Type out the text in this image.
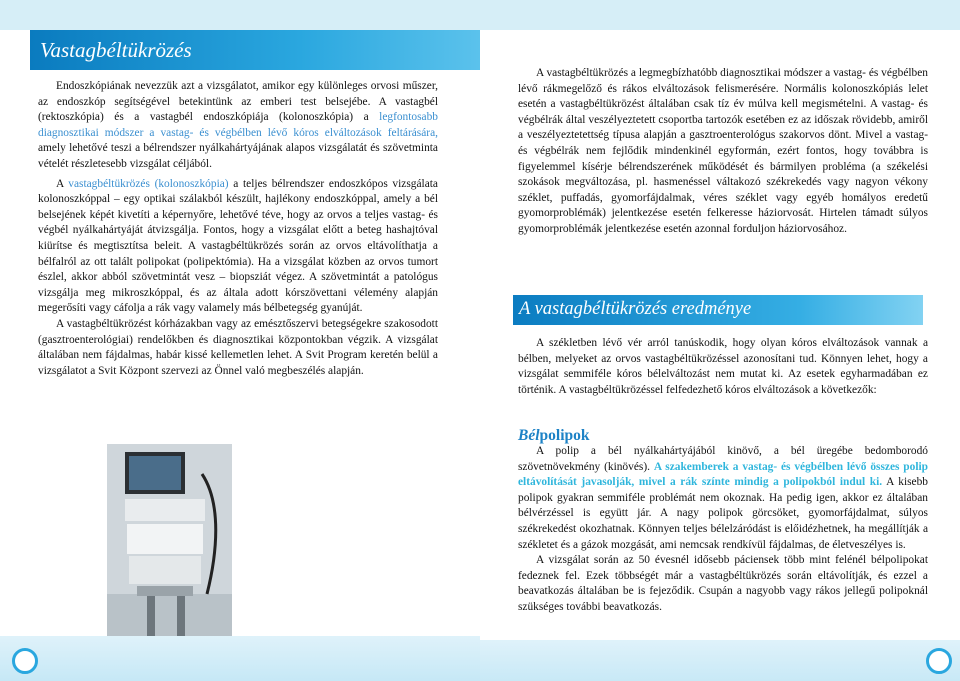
Vastagbéltükrözés

Endoszkópiának nevezzük azt a vizsgálatot, amikor egy különleges orvosi műszer, az endoszkóp segítségével betekintünk az emberi test belsejébe. A vastagbél (rektoszkópia) és a vastagbél endoszkópiája (kolonoszkópia) a legfontosabb diagnosztikai módszer a vastag- és végbélben lévő kóros elváltozások feltárására, amely lehetővé teszi a bélrendszer nyálkahártyájának alapos vizsgálatát és szövetminta vételét részletesebb vizsgálat céljából.

A vastagbéltükrözés (kolonoszkópia) a teljes bélrendszer endoszkópos vizsgálata kolonoszkóppal ‒ egy optikai szálakból készült, hajlékony endoszkóppal, amely a bél belsejének képét kivetíti a képernyőre, lehetővé téve, hogy az orvos a teljes vastag- és végbél nyálkahártyáját átvizsgálja. Fontos, hogy a vizsgálat előtt a beteg hashajtóval kiürítse és megtisztítsa beleit. A vastagbéltükrözés során az orvos eltávolíthatja a bélfalról az ott talált polipokat (polipektómia). Ha a vizsgálat közben az orvos tumort észlel, akkor abból szövetmintát vesz ‒ biopsziát végez. A szövetmintát a patológus vizsgálja meg mikroszkóppal, és az általa adott kórszövettani vélemény alapján megerősíti vagy cáfolja a rák vagy valamely más bélbetegség gyanúját.

A vastagbéltükrözést kórházakban vagy az emésztőszervi betegségekre szakosodott (gasztroenterológiai) rendelőkben és diagnosztikai központokban végzik. A vizsgálat általában nem fájdalmas, habár kissé kellemetlen lehet. A Svit Program keretén belül a vizsgálatot a Svit Központ szervezi az Önnel való megbeszélés alapján.

A vastagbéltükrözés a legmegbízhatóbb diagnosztikai módszer a vastag- és végbélben lévő rákmegelőző és rákos elváltozások felismerésére. Normális kolonoszkópiás lelet esetén a vastagbéltükrözést általában csak tíz év múlva kell megismételni. A vastag- és végbélrák által veszélyeztetett csoportba tartozók esetében ez az időszak rövidebb, amiről a veszélyeztetettség típusa alapján a gasztroenterológus szakorvos dönt. Mivel a vastag- és végbélrák nem fejlődik mindenkinél egyformán, ezért fontos, hogy továbbra is figyelemmel kísérje bélrendszerének működését és bármilyen probléma (a székelési szokások megváltozása, pl. hasmenéssel váltakozó székrekedés vagy nagyon vékony széklet, puffadás, gyomorfájdalmak, véres széklet vagy egyéb homályos eredetű gyomorproblémák) jelentkezése esetén felkeresse háziorvosát. Hirtelen támadt súlyos gyomorproblémák jelentkezése esetén azonnal forduljon háziorvosához.

A vastagbéltükrözés eredménye

A székletben lévő vér arról tanúskodik, hogy olyan kóros elváltozások vannak a bélben, melyeket az orvos vastagbéltükrözéssel azonosítani tud. Könnyen lehet, hogy a vizsgálat semmiféle kóros bélelváltozást nem mutat ki. Az esetek egyharmadában ez történik. A vastagbéltükrözéssel felfedezhető kóros elváltozások a következők:

Bélpolipok

A polip a bél nyálkahártyájából kinövő, a bél üregébe bedomborodó szövetnövekmény (kinövés). A szakemberek a vastag- és végbélben lévő összes polip eltávolítását javasolják, mivel a rák színte mindig a polipokból indul ki. A kisebb polipok gyakran semmiféle problémát nem okoznak. Ha pedig igen, akkor ez általában bélvérzéssel is együtt jár. A nagy polipok görcsöket, gyomorfájdalmat, súlyos székrekedést okozhatnak. Könnyen teljes bélelzáródást is előidézhetnek, ha megállítják a székletet és a gázok mozgását, ami nemcsak rendkívül fájdalmas, de életveszélyes is.

A vizsgálat során az 50 évesnél idősebb páciensek több mint felénél bélpolipokat fedeznek fel. Ezek többségét már a vastagbéltükrözés során eltávolítják, és ezzel a beavatkozás általában be is fejeződik. Csupán a nagyobb vagy rákos jellegű polipoknál szükséges további beavatkozás.
